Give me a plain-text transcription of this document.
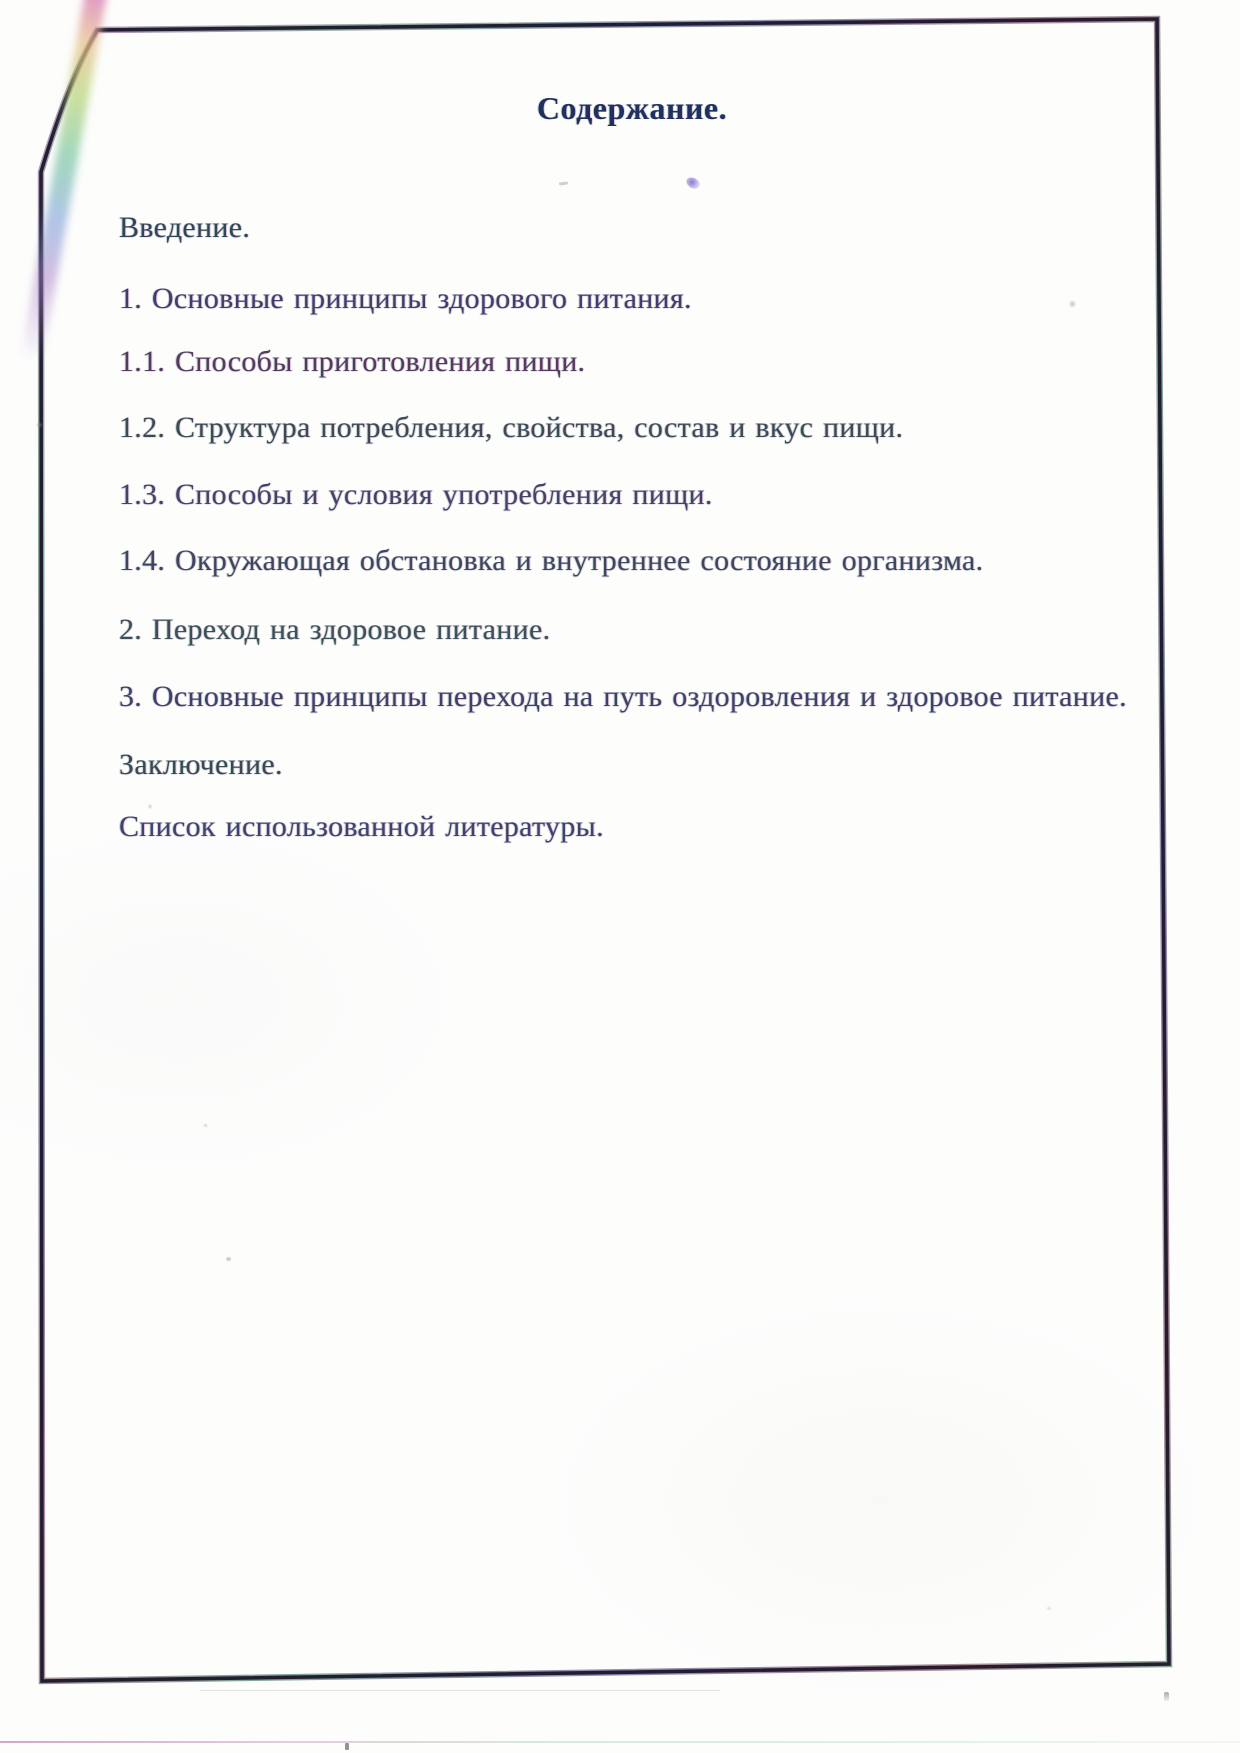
Содержание.

Введение.

1. Основные принципы здорового питания.

1.1. Способы приготовления пищи.

1.2. Структура потребления, свойства, состав и вкус пищи.

1.3. Способы и условия употребления пищи.

1.4. Окружающая обстановка и внутреннее состояние организма.

2. Переход на здоровое питание.

3. Основные принципы перехода на путь оздоровления и здоровое питание.

Заключение.

Список использованной литературы.
